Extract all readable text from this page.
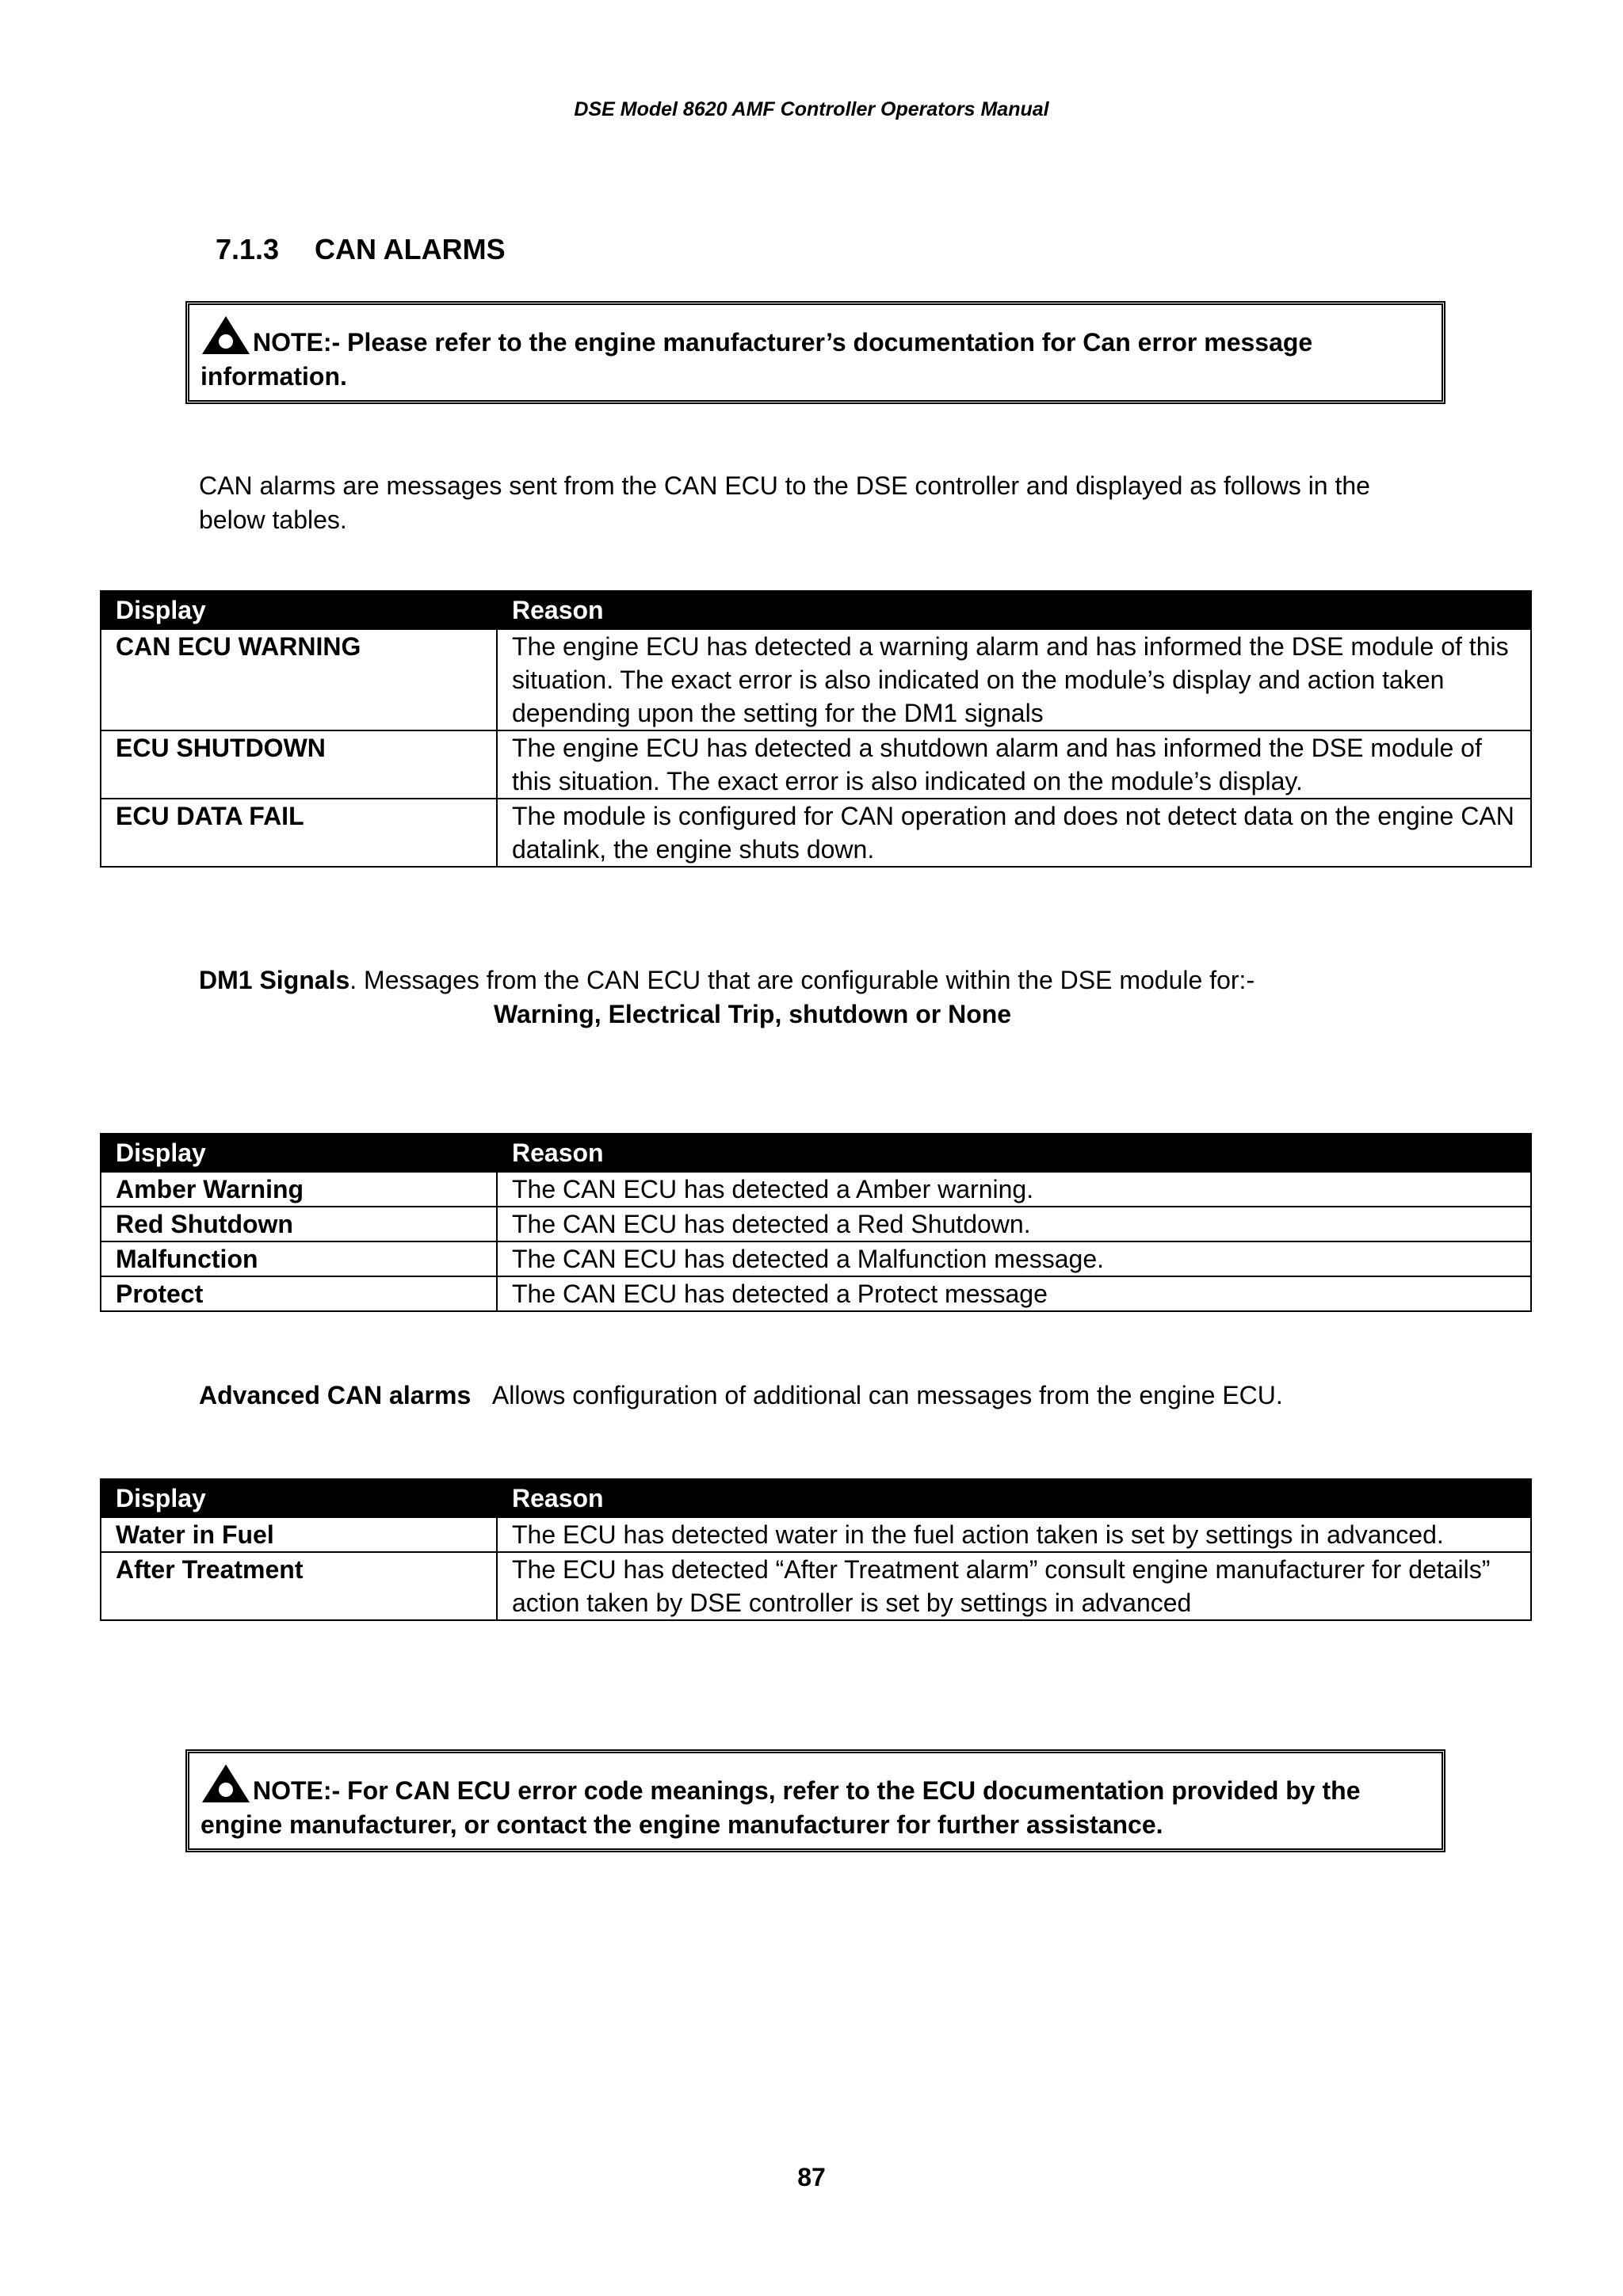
DSE Model 8620 AMF Controller Operators Manual
7.1.3 CAN ALARMS
NOTE:- Please refer to the engine manufacturer’s documentation for Can error message information.
CAN alarms are messages sent from the CAN ECU to the DSE controller and displayed as follows in the below tables.
Display	Reason
CAN ECU WARNING	The engine ECU has detected a warning alarm and has informed the DSE module of this situation. The exact error is also indicated on the module’s display and action taken depending upon the setting for the DM1 signals
ECU SHUTDOWN	The engine ECU has detected a shutdown alarm and has informed the DSE module of this situation. The exact error is also indicated on the module’s display.
ECU DATA FAIL	The module is configured for CAN operation and does not detect data on the engine CAN datalink, the engine shuts down.
DM1 Signals. Messages from the CAN ECU that are configurable within the DSE module for:-
Warning, Electrical Trip, shutdown or None
Display	Reason
Amber Warning	The CAN ECU has detected a Amber warning.
Red Shutdown	The CAN ECU has detected a Red Shutdown.
Malfunction	The CAN ECU has detected a Malfunction message.
Protect	The CAN ECU has detected a Protect message
Advanced CAN alarms Allows configuration of additional can messages from the engine ECU.
Display	Reason
Water in Fuel	The ECU has detected water in the fuel action taken is set by settings in advanced.
After Treatment	The ECU has detected “After Treatment alarm” consult engine manufacturer for details” action taken by DSE controller is set by settings in advanced
NOTE:- For CAN ECU error code meanings, refer to the ECU documentation provided by the engine manufacturer, or contact the engine manufacturer for further assistance.
87
